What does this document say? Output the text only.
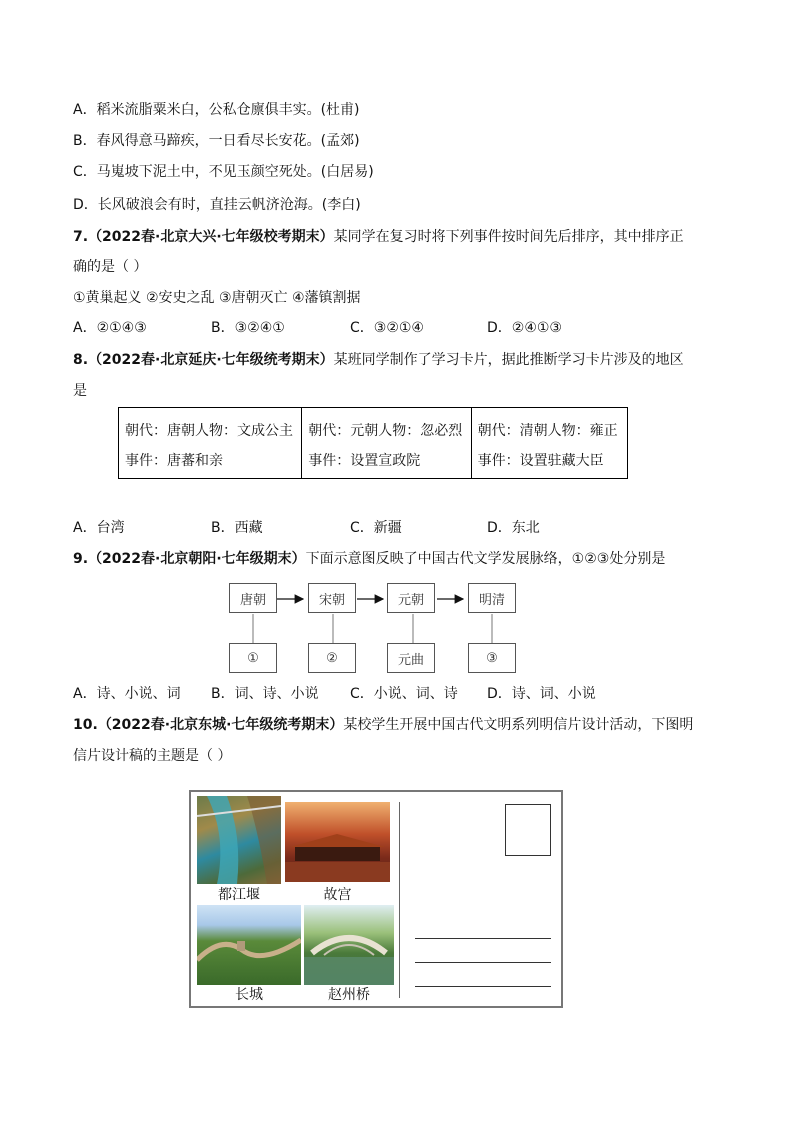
A．稻米流脂粟米白，公私仓廪俱丰实。(杜甫)
B．春风得意马蹄疾，一日看尽长安花。(孟郊)
C．马嵬坡下泥土中，不见玉颜空死处。(白居易)
D．长风破浪会有时，直挂云帆济沧海。(李白)
7.（2022春·北京大兴·七年级校考期末）某同学在复习时将下列事件按时间先后排序，其中排序正
确的是（ ）
①黄巢起义 ②安史之乱 ③唐朝灭亡 ④藩镇割据
A．②①④③	B．③②④①	C．③②①④	D．②④①③
8.（2022春·北京延庆·七年级统考期末）某班同学制作了学习卡片，据此推断学习卡片涉及的地区
是
朝代：唐朝人物：文成公主
事件：唐蕃和亲
朝代：元朝人物：忽必烈
事件：设置宣政院
朝代：清朝人物：雍正
事件：设置驻藏大臣
A．台湾	B．西藏	C．新疆	D．东北
9.（2022春·北京朝阳·七年级期末）下面示意图反映了中国古代文学发展脉络，①②③处分别是
唐朝	宋朝	元朝	明清
①	②	元曲	③
A．诗、小说、词 B．词、诗、小说 C．小说、词、诗 D．诗、词、小说
10.（2022春·北京东城·七年级统考期末）某校学生开展中国古代文明系列明信片设计活动，下图明
信片设计稿的主题是（ ）
都江堰	故宫
长城	赵州桥
